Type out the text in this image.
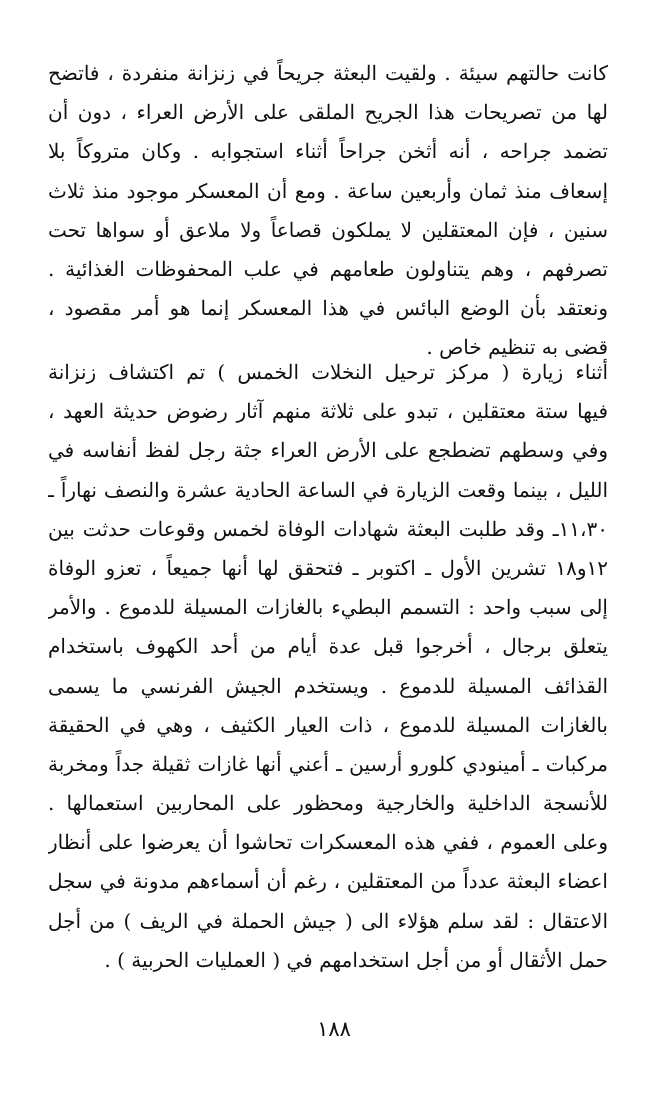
كانت حالتهم سيئة . ولقيت البعثة جريحاً في زنزانة منفردة ، فاتضح
لها من تصريحات هذا الجريح الملقى على الأرض العراء ، دون أن
تضمد جراحه ، أنه أثخن جراحاً أثناء استجوابه . وكان متروكاً بلا
إسعاف منذ ثمان وأربعين ساعة . ومع أن المعسكر موجود منذ ثلاث
سنين ، فإن المعتقلين لا يملكون قصاعاً ولا ملاعق أو سواها تحت
تصرفهم ، وهم يتناولون طعامهم في علب المحفوظات الغذائية .
ونعتقد بأن الوضع البائس في هذا المعسكر إنما هو أمر مقصود ،
قضى به تنظيم خاص .
أثناء زيارة ( مركز ترحيل النخلات الخمس ) تم اكتشاف زنزانة
فيها ستة معتقلين ، تبدو على ثلاثة منهم آثار رضوض حديثة العهد ،
وفي وسطهم تضطجع على الأرض العراء جثة رجل لفظ أنفاسه في
الليل ، بينما وقعت الزيارة في الساعة الحادية عشرة والنصف نهاراً ـ
١١،٣٠ـ وقد طلبت البعثة شهادات الوفاة لخمس وقوعات حدثت بين
١٢و١٨ تشرين الأول ـ اكتوبر ـ فتحقق لها أنها جميعاً ، تعزو الوفاة
إلى سبب واحد : التسمم البطيء بالغازات المسيلة للدموع . والأمر
يتعلق برجال ، أخرجوا قبل عدة أيام من أحد الكهوف باستخدام
القذائف المسيلة للدموع . ويستخدم الجيش الفرنسي ما يسمى
بالغازات المسيلة للدموع ، ذات العيار الكثيف ، وهي في الحقيقة
مركبات ـ أمينودي كلورو أرسين ـ أعني أنها غازات ثقيلة جداً ومخربة
للأنسجة الداخلية والخارجية ومحظور على المحاربين استعمالها .
وعلى العموم ، ففي هذه المعسكرات تحاشوا أن يعرضوا على أنظار
اعضاء البعثة عدداً من المعتقلين ، رغم أن أسماءهم مدونة في سجل
الاعتقال : لقد سلم هؤلاء الى ( جيش الحملة في الريف ) من أجل
حمل الأثقال أو من أجل استخدامهم في ( العمليات الحربية ) .
١٨٨
